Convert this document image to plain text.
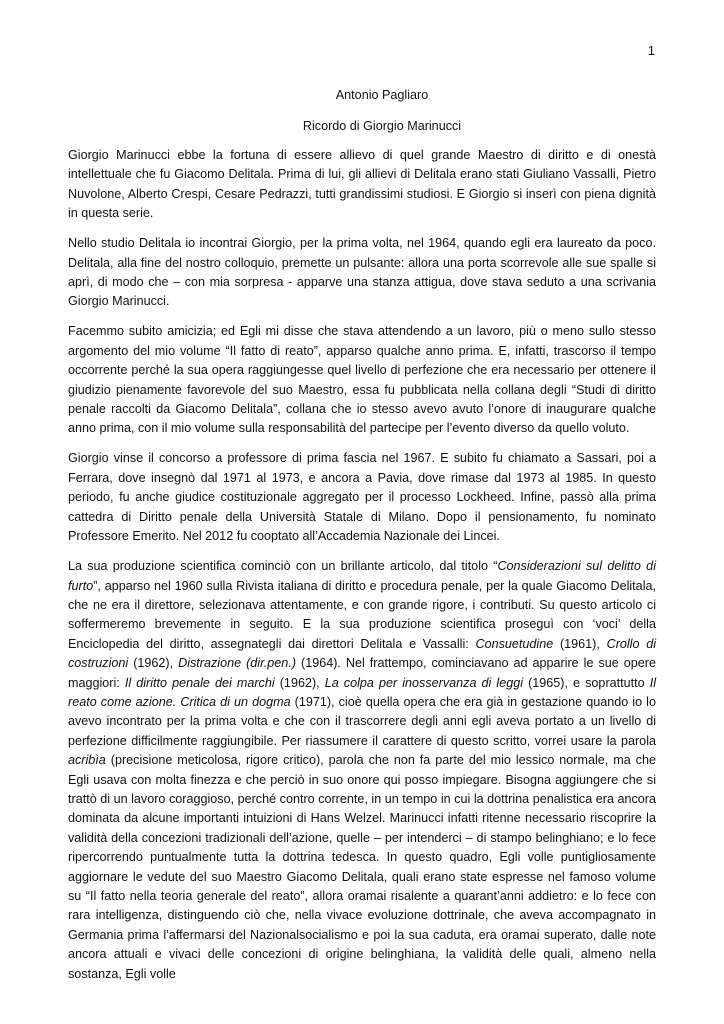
1
Antonio Pagliaro
Ricordo di Giorgio Marinucci

Giorgio Marinucci ebbe la fortuna di essere allievo di quel grande Maestro di diritto e di onestà intellettuale che fu Giacomo Delitala. Prima di lui, gli allievi di Delitala erano stati Giuliano Vassalli, Pietro Nuvolone, Alberto Crespi, Cesare Pedrazzi, tutti grandissimi studiosi. E Giorgio si inserì con piena dignità in questa serie.

Nello studio Delitala io incontrai Giorgio, per la prima volta, nel 1964, quando egli era laureato da poco. Delitala, alla fine del nostro colloquio, premette un pulsante: allora una porta scorrevole alle sue spalle si aprì, di modo che – con mia sorpresa - apparve una stanza attigua, dove stava seduto a una scrivania Giorgio Marinucci.

Facemmo subito amicizia; ed Egli mi disse che stava attendendo a un lavoro, più o meno sullo stesso argomento del mio volume “Il fatto di reato”, apparso qualche anno prima. E, infatti, trascorso il tempo occorrente perché la sua opera raggiungesse quel livello di perfezione che era necessario per ottenere il giudizio pienamente favorevole del suo Maestro, essa fu pubblicata nella collana degli “Studi di diritto penale raccolti da Giacomo Delitala”, collana che io stesso avevo avuto l’onore di inaugurare qualche anno prima, con il mio volume sulla responsabilità del partecipe per l’evento diverso da quello voluto.

Giorgio vinse il concorso a professore di prima fascia nel 1967. E subito fu chiamato a Sassari, poi a Ferrara, dove insegnò dal 1971 al 1973, e ancora a Pavia, dove rimase dal 1973 al 1985. In questo periodo, fu anche giudice costituzionale aggregato per il processo Lockheed. Infine, passò alla prima cattedra di Diritto penale della Università Statale di Milano. Dopo il pensionamento, fu nominato Professore Emerito. Nel 2012 fu cooptato all’Accademia Nazionale dei Lincei.

La sua produzione scientifica cominciò con un brillante articolo, dal titolo “Considerazioni sul delitto di furto”, apparso nel 1960 sulla Rivista italiana di diritto e procedura penale, per la quale Giacomo Delitala, che ne era il direttore, selezionava attentamente, e con grande rigore, i contributi. Su questo articolo ci soffermeremo brevemente in seguito. E la sua produzione scientifica proseguì con ‘voci’ della Enciclopedia del diritto, assegnategli dai direttori Delitala e Vassalli: Consuetudine (1961), Crollo di costruzioni (1962), Distrazione (dir.pen.) (1964). Nel frattempo, cominciavano ad apparire le sue opere maggiori: Il diritto penale dei marchi (1962), La colpa per inosservanza di leggi (1965), e soprattutto Il reato come azione. Critica di un dogma (1971), cioè quella opera che era già in gestazione quando io lo avevo incontrato per la prima volta e che con il trascorrere degli anni egli aveva portato a un livello di perfezione difficilmente raggiungibile. Per riassumere il carattere di questo scritto, vorrei usare la parola acribìa (precisione meticolosa, rigore critico), parola che non fa parte del mio lessico normale, ma che Egli usava con molta finezza e che perciò in suo onore qui posso impiegare. Bisogna aggiungere che si trattò di un lavoro coraggioso, perché contro corrente, in un tempo in cui la dottrina penalistica era ancora dominata da alcune importanti intuizioni di Hans Welzel. Marinucci infatti ritenne necessario riscoprire la validità della concezioni tradizionali dell’azione, quelle – per intenderci – di stampo belinghiano; e lo fece ripercorrendo puntualmente tutta la dottrina tedesca. In questo quadro, Egli volle puntigliosamente aggiornare le vedute del suo Maestro Giacomo Delitala, quali erano state espresse nel famoso volume su “Il fatto nella teoria generale del reato”, allora oramai risalente a quarant’anni addietro: e lo fece con rara intelligenza, distinguendo ciò che, nella vivace evoluzione dottrinale, che aveva accompagnato in Germania prima l’affermarsi del Nazionalsocialismo e poi la sua caduta, era oramai superato, dalle note ancora attuali e vivaci delle concezioni di origine belinghiana, la validità delle quali, almeno nella sostanza, Egli volle
